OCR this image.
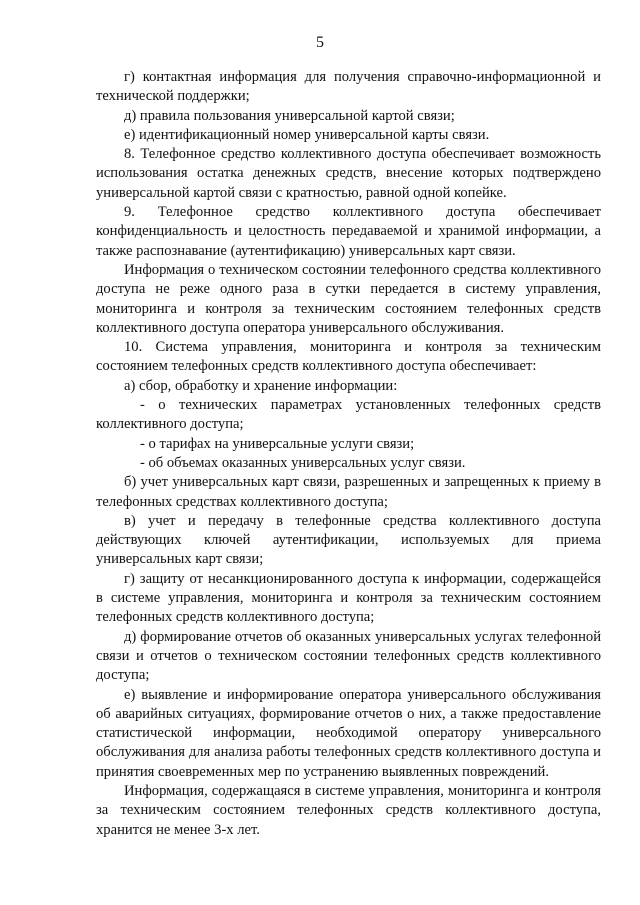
5

г) контактная информация для получения справочно-информационной и технической поддержки;

д) правила пользования универсальной картой связи;

е) идентификационный номер универсальной карты связи.

8. Телефонное средство коллективного доступа обеспечивает возможность использования остатка денежных средств, внесение которых подтверждено универсальной картой связи с кратностью, равной одной копейке.

9. Телефонное средство коллективного доступа обеспечивает конфиденциальность и целостность передаваемой и хранимой информации, а также распознавание (аутентификацию) универсальных карт связи.

Информация о техническом состоянии телефонного средства коллективного доступа не реже одного раза в сутки передается в систему управления, мониторинга и контроля за техническим состоянием телефонных средств коллективного доступа оператора универсального обслуживания.

10. Система управления, мониторинга и контроля за техническим состоянием телефонных средств коллективного доступа обеспечивает:

а) сбор, обработку и хранение информации:

- о технических параметрах установленных телефонных средств коллективного доступа;

- о тарифах на универсальные услуги связи;

- об объемах оказанных универсальных услуг связи.

б) учет универсальных карт связи, разрешенных и запрещенных к приему в телефонных средствах коллективного доступа;

в) учет и передачу в телефонные средства коллективного доступа действующих ключей аутентификации, используемых для приема универсальных карт связи;

г) защиту от несанкционированного доступа к информации, содержащейся в системе управления, мониторинга и контроля за техническим состоянием телефонных средств коллективного доступа;

д) формирование отчетов об оказанных универсальных услугах телефонной связи и отчетов о техническом состоянии телефонных средств коллективного доступа;

е) выявление и информирование оператора универсального обслуживания об аварийных ситуациях, формирование отчетов о них, а также предоставление статистической информации, необходимой оператору универсального обслуживания для анализа работы телефонных средств коллективного доступа и принятия своевременных мер по устранению выявленных повреждений.

Информация, содержащаяся в системе управления, мониторинга и контроля за техническим состоянием телефонных средств коллективного доступа, хранится не менее 3-х лет.
